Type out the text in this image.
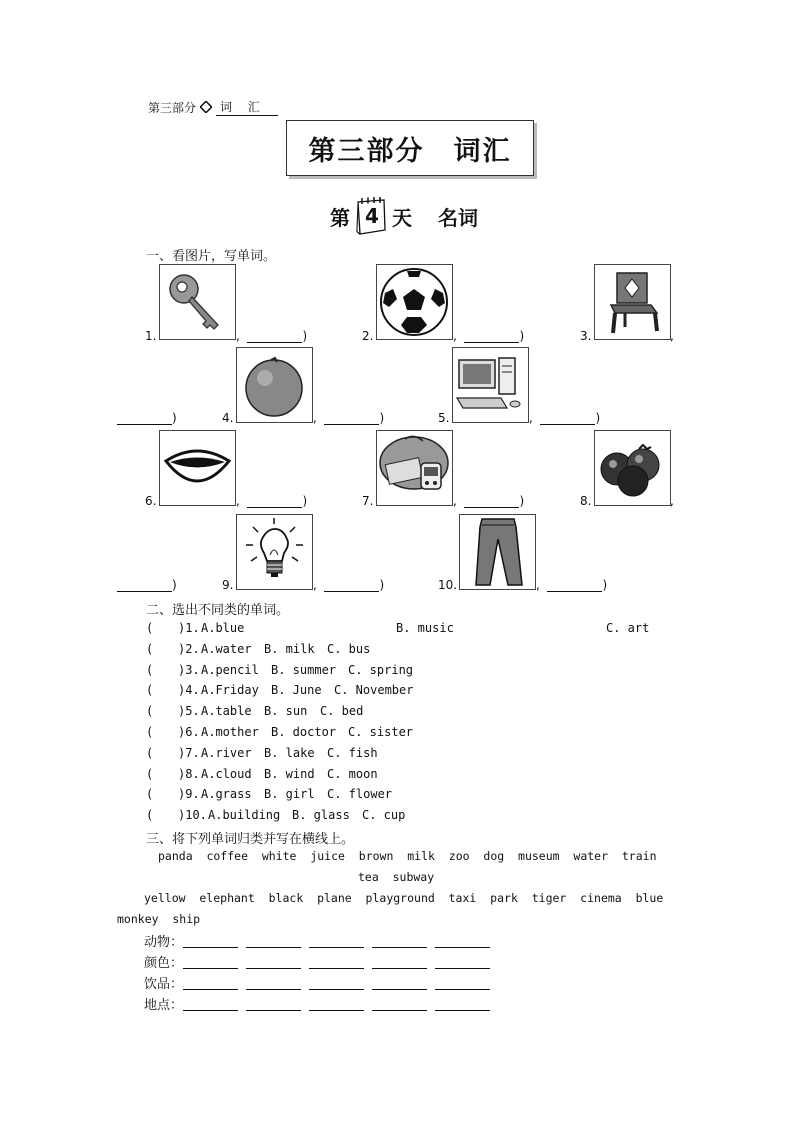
第三部分	词 汇
第三部分　词汇
第 4 天 名词
一、看图片，写单词。
1.	,	)	2.	,	)	3.	,
)	4.	,	)	5.	,	)
6.	,	)	7.	,	)	8.	,
)	9.	,	)	10.	,	)
二、选出不同类的单词。
( )1. A.blue	B. music	C. art
( )2. A.water B. milk C. bus
( )3. A.pencil B. summer C. spring
( )4. A.Friday B. June C. November
( )5. A.table B. sun C. bed
( )6. A.mother B. doctor C. sister
( )7. A.river B. lake C. fish
( )8. A.cloud B. wind C. moon
( )9. A.grass B. girl C. flower
( )10. A.building B. glass C. cup
三、将下列单词归类并写在横线上。
panda  coffee  white  juice  brown  milk  zoo  dog  museum  water  train
tea  subway
yellow  elephant  black  plane  playground  taxi  park  tiger  cinema  blue
monkey  ship
动物：
颜色：
饮品：
地点：
